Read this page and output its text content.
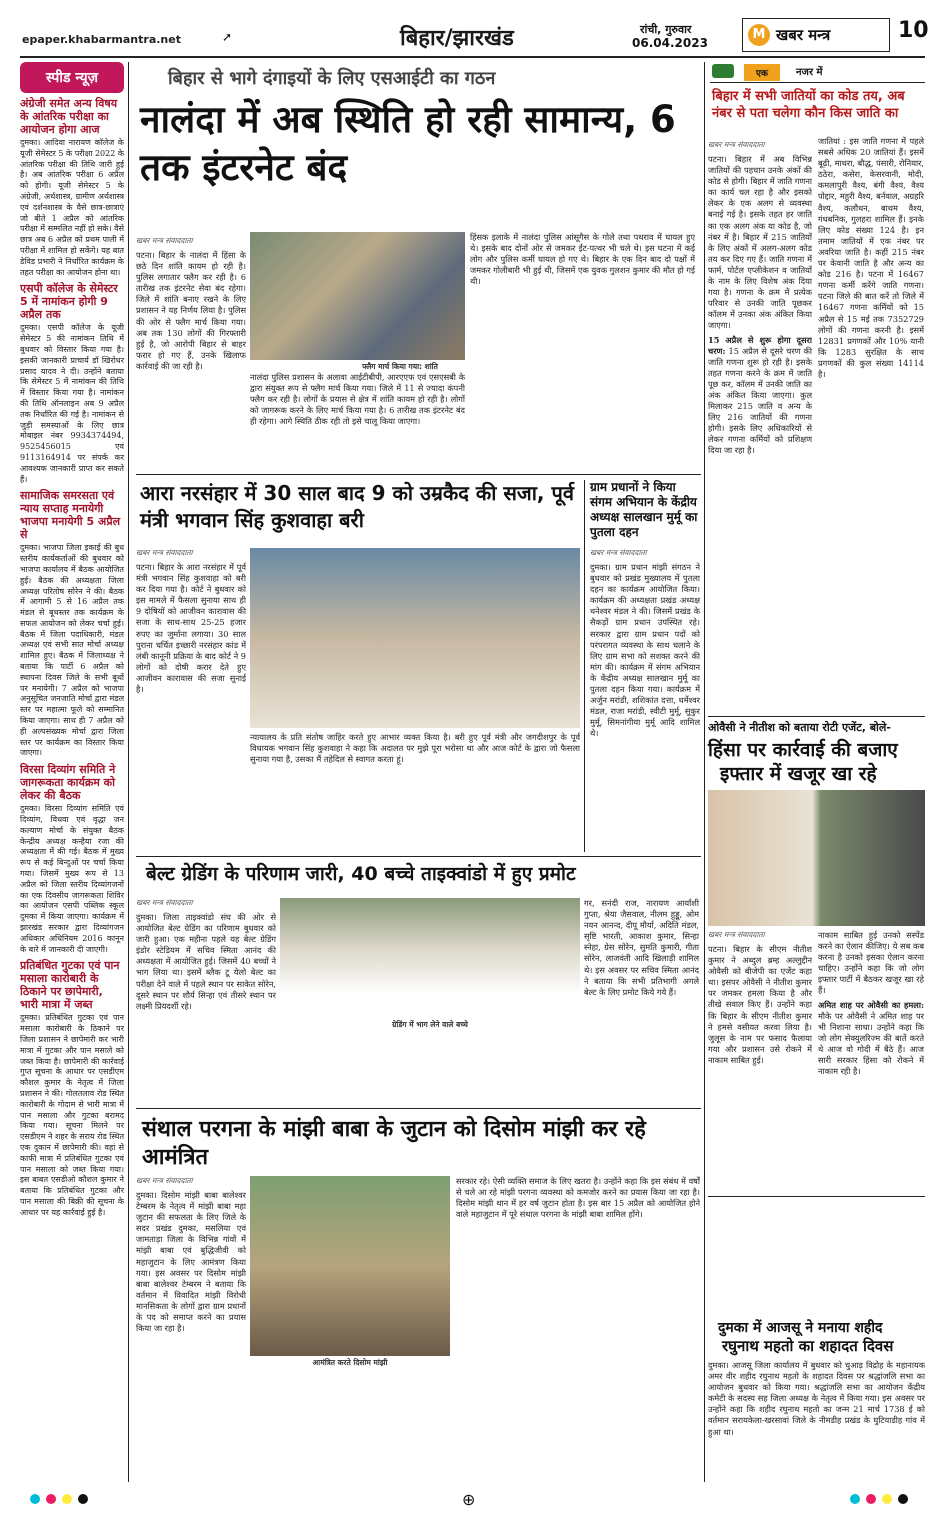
epaper.khabarmantra.net	➚	बिहार/झारखंड	रांची, गुरुवार
06.04.2023
M खबर मन्त्र	10
स्पीड न्यूज़
अंग्रेजी समेत अन्य विषय के आंतरिक परीक्षा का आयोजन होगा आज
दुमका। आदिवा नारायण कॉलेज के यूजी सेमेस्टर 5 के परीक्षा 2022 के आंतरिक परीक्षा की तिथि जारी हुई है। अब आंतरिक परीक्षा 6 अप्रैल को होगी। यूजी सेमेस्टर 5 के अंग्रेजी, अर्थशास्त्र, ग्रामीण अर्थशास्त्र एवं दर्शनशास्त्र के वैसे छात्र-छात्राएं जो बीते 1 अप्रैल को आंतरिक परीक्षा में सम्मलित नहीं हो सके। वैसे छात्र अब 6 अप्रैल को प्रथम पाली में परीक्षा में शामिल हो सकेंगे। यह बात डेविड प्रभारी ने निर्धारित कार्यक्रम के तहत परीक्षा का आयोजन होना था।
एसपी कॉलेज के सेमेस्टर 5 में नामांकन होगी 9 अप्रैल तक
दुमका। एसपी कॉलेज के यूजी सेमेस्टर 5 की नामांकन तिथि में बुधवार को विस्तार किया गया है। इसकी जानकारी प्राचार्य डॉ खिरोधर प्रसाद यादव ने दी। उन्होंने बताया कि सेमेस्टर 5 में नामांकन की तिथि में विस्तार किया गया है। नामांकन की तिथि ऑनलाइन अब 9 अप्रैल तक निर्धारित की गई है। नामांकन से जुड़ी समस्याओं के लिए छात्र मोबाइल नंबर 9934374494, 9525456015 एवं 9113164914 पर संपर्क कर आवश्यक जानकारी प्राप्त कर सकते हैं।
सामाजिक समरसता एवं न्याय सप्ताह मनायेगी भाजपा मनायेगी 5 अप्रैल से
दुमका। भाजपा जिला इकाई की बुध स्तरीय कार्यकर्ताओं की बुधवार को भाजपा कार्यालय में बैठक आयोजित हुई। बैठक की अध्यक्षता जिला अध्यक्ष परितोष सोरेन ने की। बैठक में आगामी 5 से 16 अप्रैल तक मंडल से बूथस्तर तक कार्यक्रम के सफल आयोजन को लेकर चर्चा हुई। बैठक में जिला पदाधिकारी, मंडल अध्यक्ष एवं सभी सात मोर्चा अध्यक्ष शामिल हुए। बैठक में जिलाध्यक्ष ने बताया कि पार्टी 6 अप्रैल को स्थापना दिवस जिले के सभी बूथों पर मनायेगी। 7 अप्रैल को भाजपा अनुसूचित जनजाति मोर्चा द्वारा मंडल स्तर पर महात्मा फूले को सम्मानित किया जाएगा। साथ ही 7 अप्रैल को ही अल्पसंख्यक मोर्चा द्वारा जिला स्तर पर कार्यक्रम का विस्तार किया जाएगा।
विरसा दिव्यांग समिति ने जागरूकता कार्यक्रम को लेकर की बैठक
दुमका। विरसा दिव्यांग समिति एवं दिव्यांग, विधवा एवं वृद्धा जन कल्याण मोर्चा के संयुक्त बैठक केन्द्रीय अध्यक्ष कन्हैया रजा की अध्यक्षता में की गई। बैठक में मुख्य रूप से कई बिन्दुओं पर चर्चा किया गया। जिसमें मुख्य रूप से 13 अप्रैल को जिला स्तरीय दिव्यांगजनों का एक दिवसीय जागरूकता शिविर का आयोजन एसपी पब्लिक स्कूल दुमका में किया जाएगा। कार्यक्रम में झारखंड सरकार द्वारा दिव्यांगजन अधिकार अधिनियम 2016 कानून के बारे में जानकारी दी जाएगी।
प्रतिबंधित गुटका एवं पान मसाला कारोबारी के ठिकाने पर छापेमारी, भारी मात्रा में जब्त
दुमका। प्रतिबंधित गुटका एवं पान मसाला कारोबारी के ठिकाने पर जिला प्रशासन ने छापेमारी कर भारी मात्रा में गुटका और पान मसाले को जब्त किया है। छापेमारी की कार्रवाई गुप्त सूचना के आधार पर एसडीएम कौशल कुमार के नेतृत्व में जिला प्रशासन ने की। गोलतलाव रोड स्थित कारोबारी के गोदाम से भारी मात्रा में पान मसाला और गुटका बरामद किया गया। सूचना मिलने पर एसडीएम ने शहर के सराय रोड स्थित एक दुकान में छापेमारी की। वहां से काफी मात्रा में प्रतिबंधित गुटका एवं पान मसाला को जब्त किया गया। इस बाबत एसडीओ कौशल कुमार ने बताया कि प्रतिबंधित गुटका और पान मसाला की बिक्री की सूचना के आधार पर यह कार्रवाई हुई है।
बिहार से भागे दंगाइयों के लिए एसआईटी का गठन
नालंदा में अब स्थिति हो रही सामान्य, 6 तक इंटरनेट बंद
खबर मन्त्र संवाददाता
पटना। बिहार के नालंदा में हिंसा के छठे दिन शांति कायम हो रही है। पुलिस लगातार फ्लैग कर रही है। 6 तारीख तक इंटरनेट सेवा बंद रहेगा। जिले में शांति बनाए रखने के लिए प्रशासन ने यह निर्णय लिया है। पुलिस की ओर से फ्लैग मार्च किया गया। अब तक 130 लोगों की गिरफ्तारी हुई है, जो आरोपी बिहार से बाहर फरार हो गए हैं, उनके खिलाफ कार्रवाई की जा रही है।	फ्लैग मार्च किया गया: शांति
नालंदा पुलिस प्रशासन के अलावा आईटीबीपी, आरएएफ एवं एसएसबी के द्वारा संयुक्त रूप से फ्लैग मार्च किया गया। जिले में 11 से ज्यादा कंपनी फ्लैग कर रही है। लोगों के प्रयास से क्षेत्र में शांति कायम हो रही है। लोगों को जागरूक करने के लिए मार्च किया गया है। 6 तारीख तक इंटरनेट बंद ही रहेगा। आगे स्थिति ठीक रही तो इसे चालू किया जाएगा।
हिंसक इलाके में नालंदा पुलिस आंसूगैस के गोले तथा पथराव में घायल हुए थे। इसके बाद दोनों ओर से जमकर ईंट-पत्थर भी चले थे। इस घटना में कई लोग और पुलिस कर्मी घायल हो गए थे। बिहार के एक दिन बाद दो पक्षों में जमकर गोलीबारी भी हुई थी, जिसमें एक युवक गुलशन कुमार की मौत हो गई थी।
आरा नरसंहार में 30 साल बाद 9 को उम्रकैद की सजा, पूर्व मंत्री भगवान सिंह कुशवाहा बरी
खबर मन्त्र संवाददाता
पटना। बिहार के आरा नरसंहार में पूर्व मंत्री भगवान सिंह कुशवाहा को बरी कर दिया गया है। कोर्ट ने बुधवार को इस मामले में फैसला सुनाया साथ ही 9 दोषियों को आजीवन कारावास की सजा के साथ-साथ 25-25 हजार रुपए का जुर्माना लगाया। 30 साल पुराना चर्चित इच्छारी नरसंहार कांड में लंबी कानूनी प्रक्रिया के बाद कोर्ट ने 9 लोगों को दोषी करार देते हुए आजीवन कारावास की सजा सुनाई है।
न्यायालय के प्रति संतोष जाहिर करते हुए आभार व्यक्त किया है। बरी हुए पूर्व मंत्री और जगदीशपुर के पूर्व विधायक भगवान सिंह कुशवाहा ने कहा कि अदालत पर मुझे पूरा भरोसा था और आज कोर्ट के द्वारा जो फैसला सुनाया गया है, उसका मैं तहेदिल से स्वागत करता हूं।
ग्राम प्रधानों ने किया संगम अभियान के केंद्रीय अध्यक्ष सालखान मुर्मू का पुतला दहन
खबर मन्त्र संवाददाता
दुमका। ग्राम प्रधान मांझी संगठन ने बुधवार को प्रखंड मुख्यालय में पुतला दहन का कार्यक्रम आयोजित किया। कार्यक्रम की अध्यक्षता प्रखंड अध्यक्ष धनेश्वर मंडल ने की। जिसमें प्रखंड के सैकड़ों ग्राम प्रधान उपस्थित रहे। सरकार द्वारा ग्राम प्रधान पदों को परंपरागत व्यवस्था के साथ चलाने के लिए ग्राम सभा को सशक्त करने की मांग की। कार्यक्रम में संगम अभियान के केंद्रीय अध्यक्ष सालखान मुर्मू का पुतला दहन किया गया। कार्यक्रम में अर्जुन मरांडी, शशिकांत दत्ता, धर्मेश्वर मंडल, राजा मरांडी, स्वीटी मुर्मू, सुकुर मुर्मू, सिमनांगीया मुर्मू आदि शामिल थे।
बेल्ट ग्रेडिंग के परिणाम जारी, 40 बच्चे ताइक्वांडो में हुए प्रमोट
खबर मन्त्र संवाददाता
दुमका। जिला ताइक्वांडो संघ की ओर से आयोजित बेल्ट ग्रेडिंग का परिणाम बुधवार को जारी हुआ। एक महीना पहले यह बेल्ट ग्रेडिंग इंडोर स्टेडियम में सचिव स्मिता आनंद की अध्यक्षता में आयोजित हुई। जिसमें 40 बच्चों ने भाग लिया था। इसमें ब्लैक टू येलो बेल्ट का परीक्षा देने वाले में पहले स्थान पर साकेत सोरेन, दूसरे स्थान पर शौर्य सिन्हा एवं तीसरे स्थान पर लक्ष्मी प्रियदर्शी रहे।
ग्रेडिंग में भाग लेने वाले बच्चे
गर, सनंदी राज, नारायण आर्यांशी गुप्ता, श्रेया जैसवाल, नीलम हुड्डू, ओम नयन आनन्द, दीपू मौर्या, अदिति मंडल, सृष्टि भारती, आकाश कुमार, सिन्हा स्नेहा, ग्रेस सोरेन, सुमति कुमारी, गीता सोरेन, लाजवंती आदि खिलाड़ी शामिल थे। इस अवसर पर सचिव स्मिता आनंद ने बताया कि सभी प्रतिभागी अगले बेल्ट के लिए प्रमोट किये गये हैं।
संथाल परगना के मांझी बाबा के जुटान को दिसोम मांझी कर रहे आमंत्रित
खबर मन्त्र संवाददाता
दुमका। दिसोम मांझी बाबा बालेश्वर टेम्बरम के नेतृत्व में मांझी बाबा महा जुटान की सफलता के लिए जिले के सदर प्रखंड दुमका, मसलिया एवं जामताड़ा जिला के विभिन्न गांवों में मांझी बाबा एवं बुद्धिजीवी को महाजुटान के लिए आमंत्रण किया गया। इस अवसर पर दिसोम मांझी बाबा बालेश्वर टेम्बरम ने बताया कि वर्तमान में विवादित मांझी विरोधी मानसिकता के लोगों द्वारा ग्राम प्रधानों के पद को समाप्त करने का प्रयास किया जा रहा है।
आमंत्रित करते दिसोम मांझी
सरकार रहे। ऐसी व्यक्ति समाज के लिए खतरा है। उन्होंने कहा कि इस संबंध में वर्षों से चले आ रहे मांझी परगना व्यवस्था को कमजोर करने का प्रयास किया जा रहा है। दिसोम मांझी थान में हर वर्ष जुटान होता है। इस बार 15 अप्रैल को आयोजित होने वाले महाजुटान में पूरे संथाल परगना के मांझी बाबा शामिल होंगे।
एक	नजर में
बिहार में सभी जातियों का कोड तय, अब नंबर से पता चलेगा कौन किस जाति का
खबर मन्त्र संवाददाता

पटना। बिहार में अब विभिन्न जातियों की पहचान उनके अंकों की कोड से होगी। बिहार में जाति गणना का कार्य चल रहा है और इसको लेकर के एक अलग से व्यवस्था बनाई गई है। इसके तहत हर जाति का एक अलग अंक या कोड है, जो नंबर में है। बिहार में 215 जातियों के लिए अंकों में अलग-अलग कोड तय कर दिए गए हैं। जाति गणना में फार्म, पोर्टल एप्लीकेशन व जातियों के नाम के लिए विशेष अंक दिया गया है। गणना के क्रम में प्रत्येक परिवार से उनकी जाति पूछकर कॉलम में उनका अंक अंकित किया जाएगा।

15 अप्रैल से शुरू होगा दूसरा चरण: 15 अप्रैल से दूसरे चरण की जाति गणना शुरू हो रही है। इसके तहत गणना करने के क्रम में जाति पूछ कर, कॉलम में उनकी जाति का अंक अंकित किया जाएगा। कुल मिलाकर 215 जाति व अन्य के लिए 216 जातियों की गणना होगी। इसके लिए अधिकारियों से लेकर गणना कर्मियों को प्रशिक्षण दिया जा रहा है।

जातियां : इस जाति गणना में पहले सबसे अधिक 20 जातियां हैं। इसमें बूढ़ी, माथरा, बौद्ध, पंसारी, रोनियार, ठठेरा, कसेरा, केसरवानी, मोदी, कमलापुरी वैश्य, बंगी वैश्य, वैश्य पोद्दार, महुरी वैश्य, बर्नवाल, अग्रहरि वैश्य, कलौधन, बाथम वैश्य, गंधबनिक, गुलहरा शामिल हैं। इनके लिए कोड संख्या 124 है। इन तमाम जातियों में एक नंबर पर अवरिया जाति है। कहीं 215 नंबर पर केवानी जाति है और अन्य का कोड 216 है। पटना में 16467 गणना कर्मी करेंगे जाति गणना। पटना जिले की बात करें तो जिले में 16467 गणना कर्मियों को 15 अप्रैल से 15 मई तक 7352729 लोगों की गणना करनी है। इसमें 12831 प्रगणकों और 10% यानी कि 1283 सुरक्षित के साथ प्रगणकों की कुल संख्या 14114 है।
ओवैसी ने नीतीश को बताया रोटी एजेंट, बोले-
हिंसा पर कार्रवाई की बजाए
इफ्तार में खजूर खा रहे
खबर मन्त्र संवाददाता
पटना। बिहार के सीएम नीतीश कुमार ने अब्दुल ब्रम्ह अल्लुद्दीन ओवैसी को बीजेपी का एजेंट कहा था। इसपर ओवैसी ने नीतीश कुमार पर जमकर हमला किया है और तीखे सवाल किए हैं। उन्होंने कहा कि बिहार के सीएम नीतीश कुमार ने हमसे वसीयत करवा लिया है। जुलूस के नाम पर फसाद फैलाया गया और प्रशासन उसे रोकने में नाकाम साबित हुई।

नाकाम साबित हुई उनको सस्पेंड करने का ऐलान कीजिए। ये सब कब करना है उनको इसका ऐलान करना चाहिए। उन्होंने कहा कि जो लोग इफ्तार पार्टी में बैठकर खजूर खा रहे हैं।

अमित शाह पर ओवैसी का हमला: मौके पर ओवैसी ने अमित शाह पर भी निशाना साधा। उन्होंने कहा कि जो लोग सेक्युलरिज्म की बातें करते थे आज वो गोदी में बैठे हैं। आज सारी सरकार हिंसा को रोकने में नाकाम रही है।

दुमका में आजसू ने मनाया शहीद
रघुनाथ महतो का शहादत दिवस
दुमका। आजसू जिला कार्यालय में बुधवार को चुआड़ विद्रोह के महानायक अमर वीर शहीद रघुनाथ महतो के शहादत दिवस पर श्रद्धांजलि सभा का आयोजन बुधवार को किया गया। श्रद्धांजलि सभा का आयोजन केंद्रीय कमेटी के सदस्य सह जिला अध्यक्ष के नेतृत्व में किया गया। इस अवसर पर उन्होंने कहा कि शहीद रघुनाथ महतो का जन्म 21 मार्च 1738 ई को वर्तमान सरायकेला-खरसावां जिले के नीमडीह प्रखंड के घुटियाडीह गांव में हुआ था।
⊕
